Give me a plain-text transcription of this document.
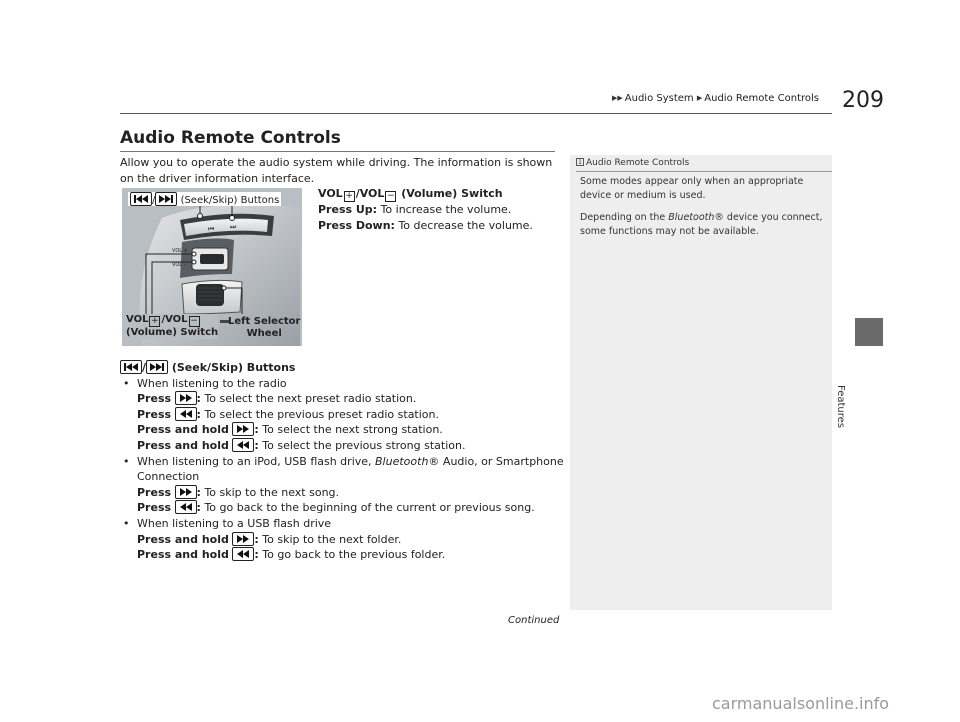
▶▶ Audio System ▶ Audio Remote Controls 209
Features
Audio Remote Controls
Allow you to operate the audio system while driving. The information is shown on the driver information interface.
⏮ ⏭
VOL +
VOL -
/	(Seek/Skip) Buttons
VOL + /VOL −
(Volume) Switch
Left Selector
Wheel
VOL + /VOL − (Volume) Switch
Press Up: To increase the volume.
Press Down: To decrease the volume.
/
(Seek/Skip) Buttons
• When listening to the radio
Press : To select the next preset radio station.
Press : To select the previous preset radio station.
Press and hold : To select the next strong station.
Press and hold : To select the previous strong station.
• When listening to an iPod, USB flash drive, Bluetooth® Audio, or Smartphone
Connection
Press : To skip to the next song.
Press : To go back to the beginning of the current or previous song.
• When listening to a USB flash drive
Press and hold : To skip to the next folder.
Press and hold : To go back to the previous folder.
1 Audio Remote Controls

Some modes appear only when an appropriate device or medium is used.

Depending on the Bluetooth® device you connect, some functions may not be available.

Continued
carmanualsonline.info
